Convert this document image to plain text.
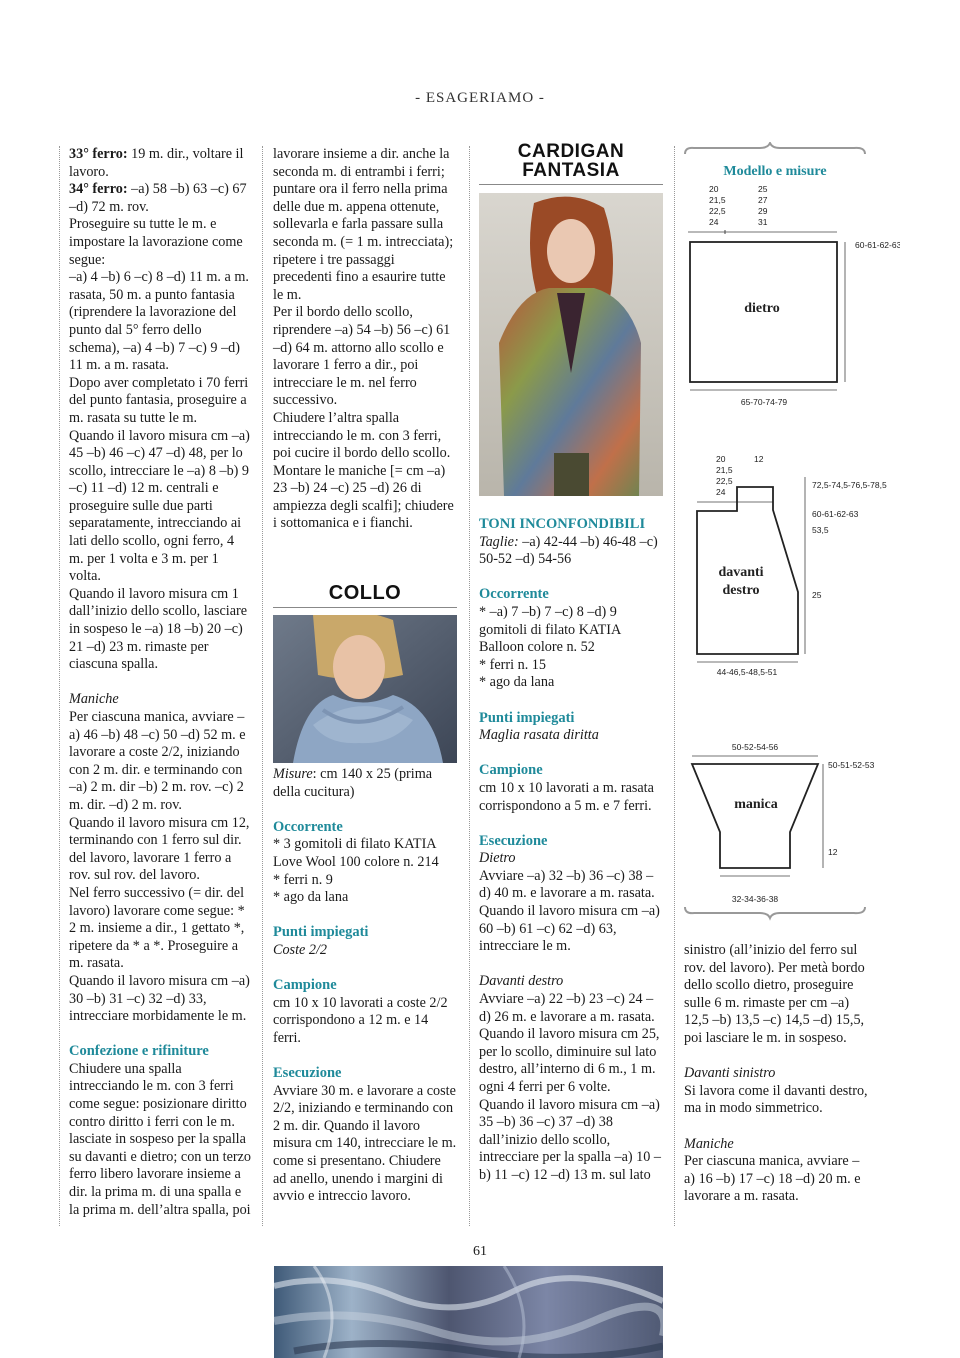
- ESAGERIAMO -

33° ferro: 19 m. dir., voltare il lavoro.

34° ferro: –a) 58 –b) 63 –c) 67 –d) 72 m. rov.

Proseguire su tutte le m. e impostare la lavorazione come segue:

–a) 4 –b) 6 –c) 8 –d) 11 m. a m. rasata, 50 m. a punto fantasia (riprendere la lavorazione del punto dal 5° ferro dello schema), –a) 4 –b) 7 –c) 9 –d) 11 m. a m. rasata.

Dopo aver completato i 70 ferri del punto fantasia, proseguire a m. rasata su tutte le m.

Quando il lavoro misura cm –a) 45 –b) 46 –c) 47 –d) 48, per lo scollo, intrecciare le –a) 8 –b) 9 –c) 11 –d) 12 m. centrali e proseguire sulle due parti separatamente, intrecciando ai lati dello scollo, ogni ferro, 4 m. per 1 volta e 3 m. per 1 volta.

Quando il lavoro misura cm 1 dall’inizio dello scollo, lasciare in sospeso le –a) 18 –b) 20 –c) 21 –d) 23 m. rimaste per ciascuna spalla.

Maniche

Per ciascuna manica, avviare –a) 46 –b) 48 –c) 50 –d) 52 m. e lavorare a coste 2/2, iniziando con 2 m. dir. e terminando con –a) 2 m. dir –b) 2 m. rov. –c) 2 m. dir. –d) 2 m. rov.

Quando il lavoro misura cm 12, terminando con 1 ferro sul dir. del lavoro, lavorare 1 ferro a rov. sul rov. del lavoro.

Nel ferro successivo (= dir. del lavoro) lavorare come segue: * 2 m. insieme a dir., 1 gettato *, ripetere da * a *. Proseguire a m. rasata.

Quando il lavoro misura cm –a) 30 –b) 31 –c) 32 –d) 33, intrecciare morbidamente le m.

Confezione e rifiniture

Chiudere una spalla intrecciando le m. con 3 ferri come segue: posizionare diritto contro diritto i ferri con le m. lasciate in sospeso per la spalla su davanti e dietro; con un terzo ferro libero lavorare insieme a dir. la prima m. di una spalla e la prima m. dell’altra spalla, poi

lavorare insieme a dir. anche la seconda m. di entrambi i ferri; puntare ora il ferro nella prima delle due m. appena ottenute, sollevarla e farla passare sulla seconda m. (= 1 m. intrecciata); ripetere i tre passaggi precedenti fino a esaurire tutte le m.

Per il bordo dello scollo, riprendere –a) 54 –b) 56 –c) 61 –d) 64 m. attorno allo scollo e lavorare 1 ferro a dir., poi intrecciare le m. nel ferro successivo.

Chiudere l’altra spalla intrecciando le m. con 3 ferri, poi cucire il bordo dello scollo.

Montare le maniche [= cm –a) 23 –b) 24 –c) 25 –d) 26 di ampiezza degli scalfi]; chiudere i sottomanica e i fianchi.

COLLO

Misure: cm 140 x 25 (prima della cucitura)

Occorrente

* 3 gomitoli di filato KATIA Love Wool 100 colore n. 214

* ferri n. 9

* ago da lana

Punti impiegati

Coste 2/2

Campione

cm 10 x 10 lavorati a coste 2/2 corrispondono a 12 m. e 14 ferri.

Esecuzione

Avviare 30 m. e lavorare a coste 2/2, iniziando e terminando con 2 m. dir. Quando il lavoro misura cm 140, intrecciare le m. come si presentano. Chiudere ad anello, unendo i margini di avvio e intreccio lavoro.

CARDIGAN
FANTASIA

TONI INCONFONDIBILI

Taglie: –a) 42-44 –b) 46-48 –c) 50-52 –d) 54-56

Occorrente

* –a) 7 –b) 7 –c) 8 –d) 9 gomitoli di filato KATIA Balloon colore n. 52

* ferri n. 15

* ago da lana

Punti impiegati

Maglia rasata diritta

Campione

cm 10 x 10 lavorati a m. rasata corrispondono a 5 m. e 7 ferri.

Esecuzione

Dietro

Avviare –a) 32 –b) 36 –c) 38 –d) 40 m. e lavorare a m. rasata.

Quando il lavoro misura cm –a) 60 –b) 61 –c) 62 –d) 63, intrecciare le m.

Davanti destro

Avviare –a) 22 –b) 23 –c) 24 –d) 26 m. e lavorare a m. rasata.

Quando il lavoro misura cm 25, per lo scollo, diminuire sul lato destro, all’interno di 6 m., 1 m. ogni 4 ferri per 6 volte.

Quando il lavoro misura cm –a) 35 –b) 36 –c) 37 –d) 38 dall’inizio dello scollo, intrecciare per la spalla –a) 10 –b) 11 –c) 12 –d) 13 m. sul lato

Modello e misure
20
21,5
22,5
24
25
27
29
31
60-61-62-63
dietro
65-70-74-79
20
21,5
22,5
24
12
72,5-74,5-76,5-78,5
60-61-62-63
53,5
25
davanti
destro
44-46,5-48,5-51
50-52-54-56
50-51-52-53
manica
12
32-34-36-38

sinistro (all’inizio del ferro sul rov. del lavoro). Per metà bordo dello scollo dietro, proseguire sulle 6 m. rimaste per cm –a) 12,5 –b) 13,5 –c) 14,5 –d) 15,5, poi lasciare le m. in sospeso.

Davanti sinistro

Si lavora come il davanti destro, ma in modo simmetrico.

Maniche

Per ciascuna manica, avviare –a) 16 –b) 17 –c) 18 –d) 20 m. e lavorare a m. rasata.

61
